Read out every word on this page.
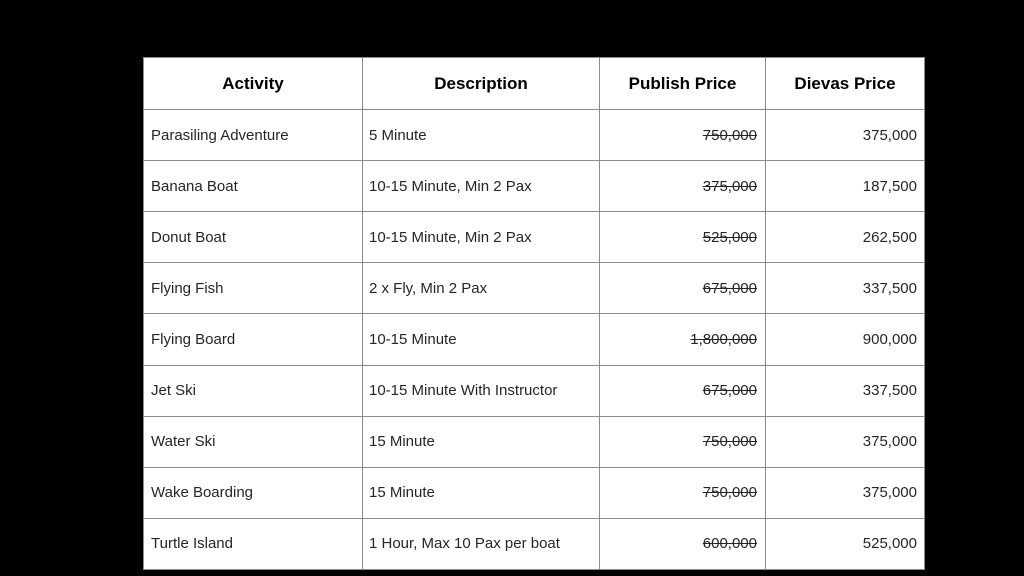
Activity	Description	Publish Price	Dievas Price
Parasiling Adventure	5 Minute	750,000	375,000
Banana Boat	10-15 Minute, Min 2 Pax	375,000	187,500
Donut Boat	10-15 Minute, Min 2 Pax	525,000	262,500
Flying Fish	2 x Fly, Min 2 Pax	675,000	337,500
Flying Board	10-15 Minute	1,800,000	900,000
Jet Ski	10-15 Minute With Instructor	675,000	337,500
Water Ski	15 Minute	750,000	375,000
Wake Boarding	15 Minute	750,000	375,000
Turtle Island	1 Hour, Max 10 Pax per boat	600,000	525,000
